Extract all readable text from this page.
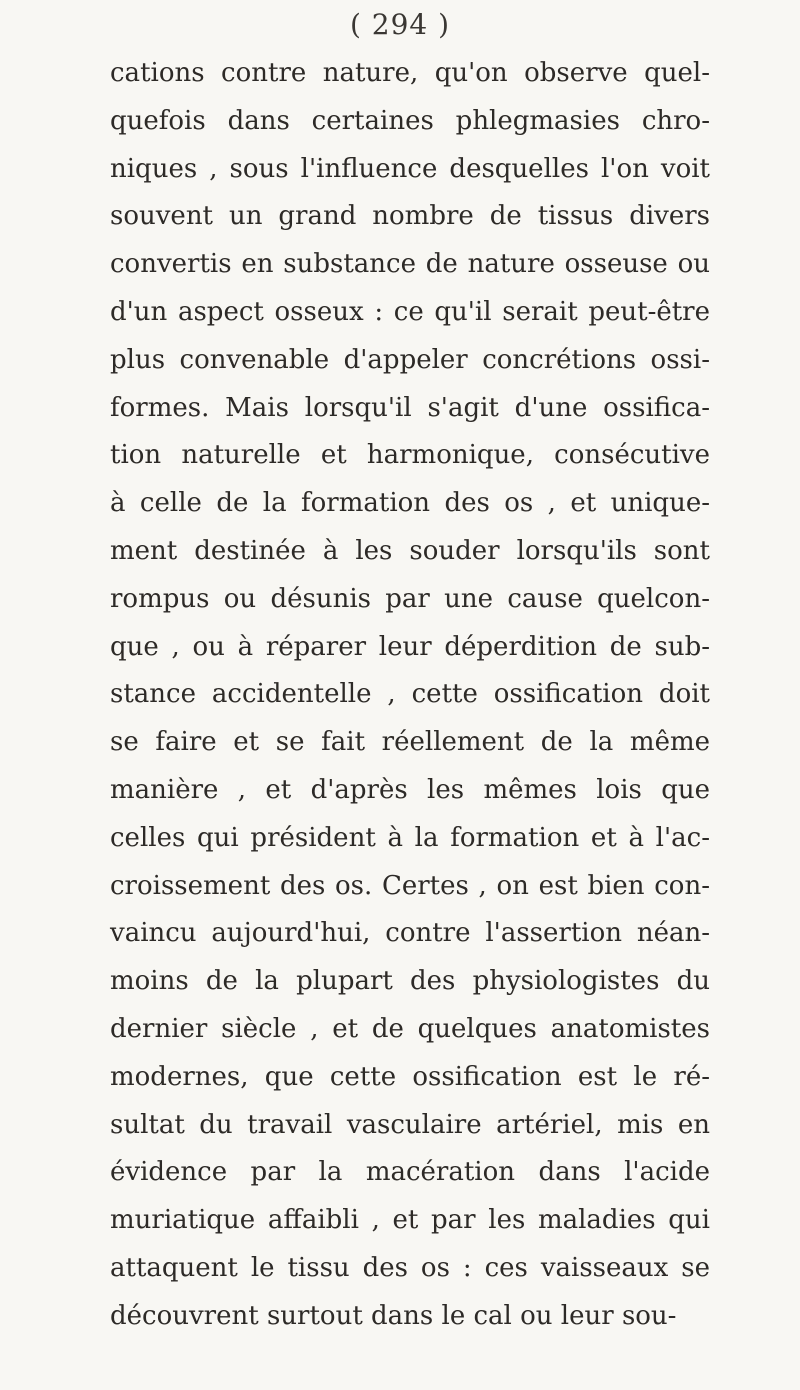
( 294 )
cations contre nature, qu'on observe quel-
quefois dans certaines phlegmasies chro-
niques , sous l'influence desquelles l'on voit
souvent un grand nombre de tissus divers
convertis en substance de nature osseuse ou
d'un aspect osseux : ce qu'il serait peut-être
plus convenable d'appeler concrétions ossi-
formes. Mais lorsqu'il s'agit d'une ossifica-
tion naturelle et harmonique, consécutive
à celle de la formation des os , et unique-
ment destinée à les souder lorsqu'ils sont
rompus ou désunis par une cause quelcon-
que , ou à réparer leur déperdition de sub-
stance accidentelle , cette ossification doit
se faire et se fait réellement de la même
manière , et d'après les mêmes lois que
celles qui président à la formation et à l'ac-
croissement des os. Certes , on est bien con-
vaincu aujourd'hui, contre l'assertion néan-
moins de la plupart des physiologistes du
dernier siècle , et de quelques anatomistes
modernes, que cette ossification est le ré-
sultat du travail vasculaire artériel, mis en
évidence par la macération dans l'acide
muriatique affaibli , et par les maladies qui
attaquent le tissu des os : ces vaisseaux se
découvrent surtout dans le cal ou leur sou-
